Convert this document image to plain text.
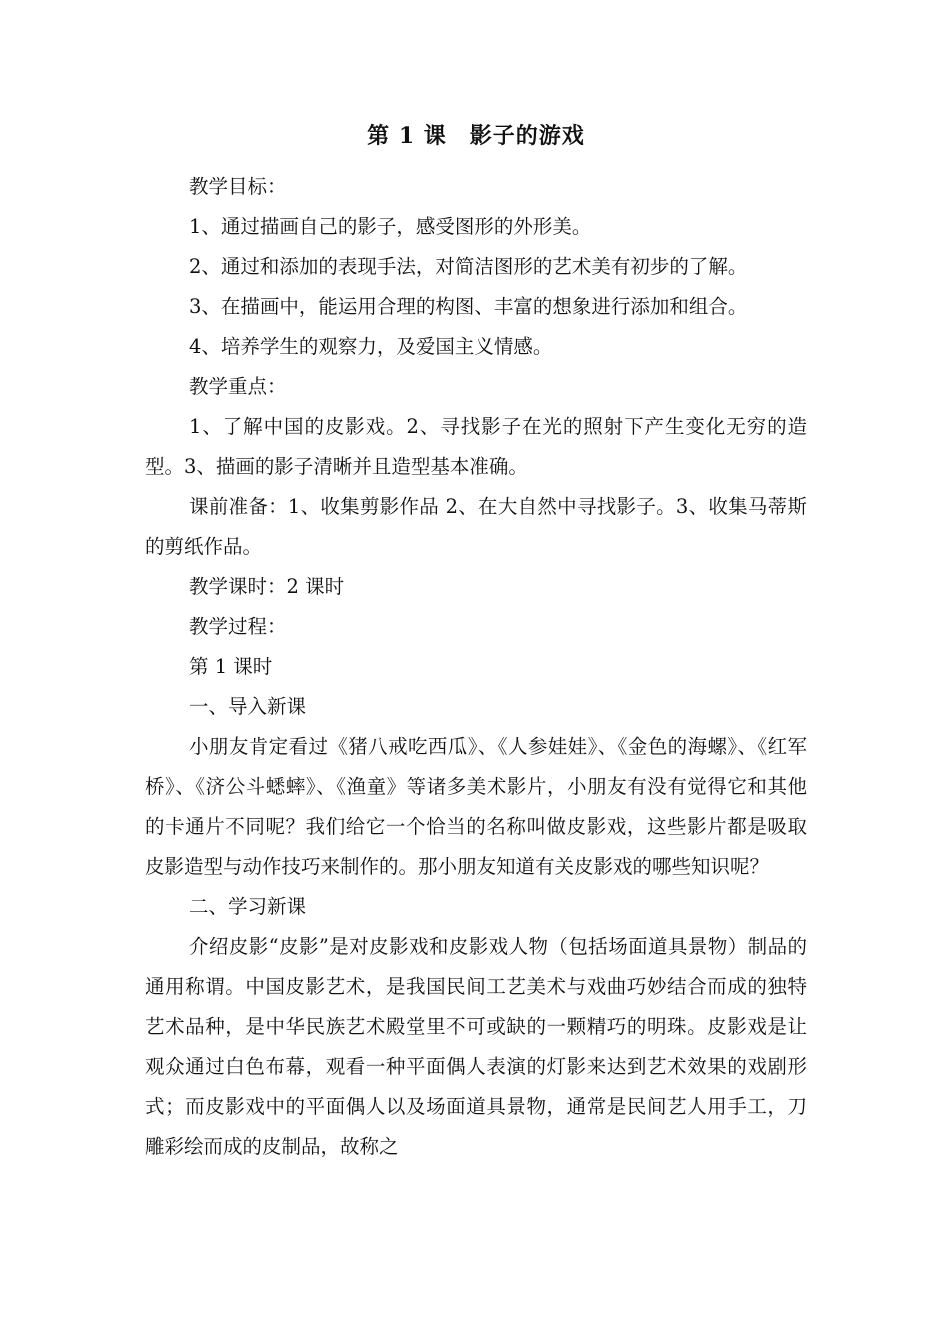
第 1 课　影子的游戏

教学目标：

1、通过描画自己的影子，感受图形的外形美。

2、通过和添加的表现手法，对简洁图形的艺术美有初步的了解。

3、在描画中，能运用合理的构图、丰富的想象进行添加和组合。

4、培养学生的观察力，及爱国主义情感。

教学重点：

1、了解中国的皮影戏。2、寻找影子在光的照射下产生变化无穷的造型。3、描画的影子清晰并且造型基本准确。

课前准备：1、收集剪影作品 2、在大自然中寻找影子。3、收集马蒂斯的剪纸作品。

教学课时：2 课时

教学过程：

第 1 课时

一、导入新课

小朋友肯定看过《猪八戒吃西瓜》、《人参娃娃》、《金色的海螺》、《红军桥》、《济公斗蟋蟀》、《渔童》等诸多美术影片，小朋友有没有觉得它和其他的卡通片不同呢？我们给它一个恰当的名称叫做皮影戏，这些影片都是吸取皮影造型与动作技巧来制作的。那小朋友知道有关皮影戏的哪些知识呢？

二、学习新课

介绍皮影“皮影”是对皮影戏和皮影戏人物（包括场面道具景物）制品的通用称谓。中国皮影艺术，是我国民间工艺美术与戏曲巧妙结合而成的独特艺术品种，是中华民族艺术殿堂里不可或缺的一颗精巧的明珠。皮影戏是让观众通过白色布幕，观看一种平面偶人表演的灯影来达到艺术效果的戏剧形式；而皮影戏中的平面偶人以及场面道具景物，通常是民间艺人用手工，刀雕彩绘而成的皮制品，故称之
